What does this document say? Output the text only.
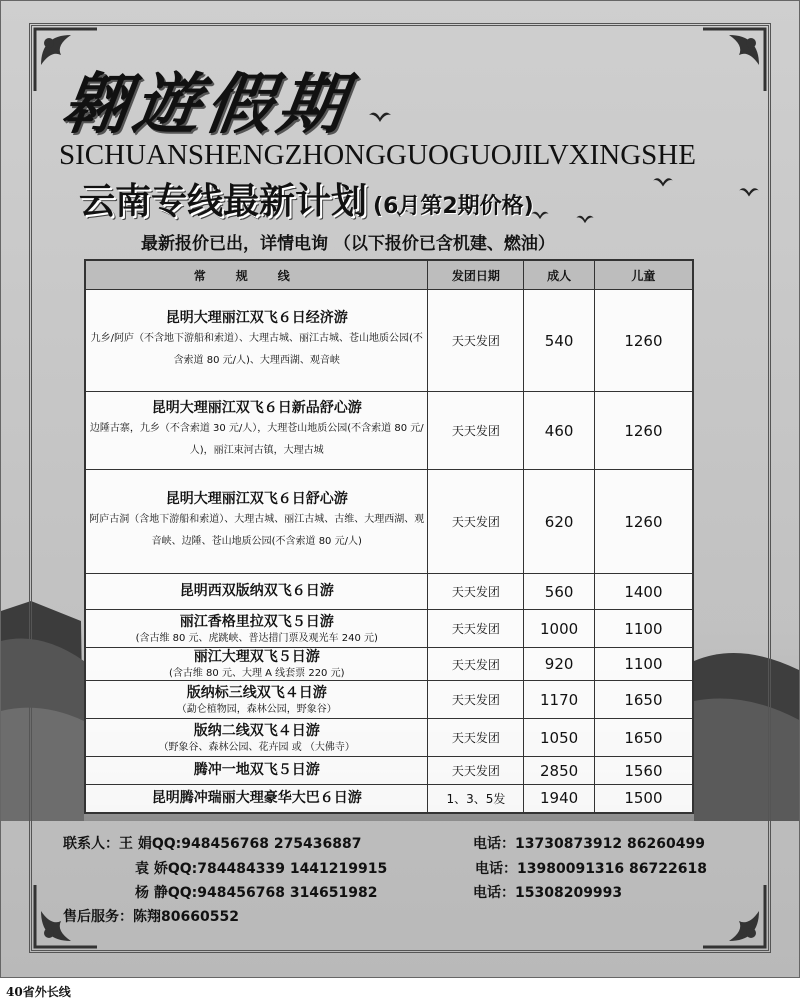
翱遊假期
SICHUANSHENGZHONGGUOGUOJILVXINGSHE
云南专线最新计划 (6月第2期价格)
最新报价已出，详情电询 （以下报价已含机建、燃油）
常规线	发团日期	成人	儿童

昆明大理丽江双飞６日经济游
九乡/阿庐（不含地下游船和索道）、大理古城、丽江古城、苍山地质公园(不含索道 80 元/人)、大理西湖、观音峡	天天发团	540	1260

昆明大理丽江双飞６日新品舒心游
边陲古寨，九乡（不含索道 30 元/人），大理苍山地质公园(不含索道 80 元/人)，丽江束河古镇，大理古城	天天发团	460	1260

昆明大理丽江双飞６日舒心游
阿庐古洞（含地下游船和索道）、大理古城、丽江古城、古维、大理西湖、观音峡、边陲、苍山地质公园(不含索道 80 元/人)	天天发团	620	1260

昆明西双版纳双飞６日游	天天发团	560	1400

丽江香格里拉双飞５日游
(含古维 80 元、虎跳峡、普达措门票及观光车 240 元)	天天发团	1000	1100

丽江大理双飞５日游
(含古维 80 元、大理 A 线套票 220 元)	天天发团	920	1100

版纳标三线双飞４日游
（勐仑植物园，森林公园，野象谷）	天天发团	1170	1650

版纳二线双飞４日游
（野象谷、森林公园、花卉园 或 （大佛寺）	天天发团	1050	1650

腾冲一地双飞５日游	天天发团	2850	1560

昆明腾冲瑞丽大理豪华大巴６日游	1、3、5发	1940	1500
联系人：王 娟QQ:948456768 275436887	电话：13730873912 86260499
袁 娇QQ:784484339 1441219915	电话：13980091316 86722618
杨 静QQ:948456768 314651982	电话：15308209993
售后服务：陈翔80660552
40省外长线
